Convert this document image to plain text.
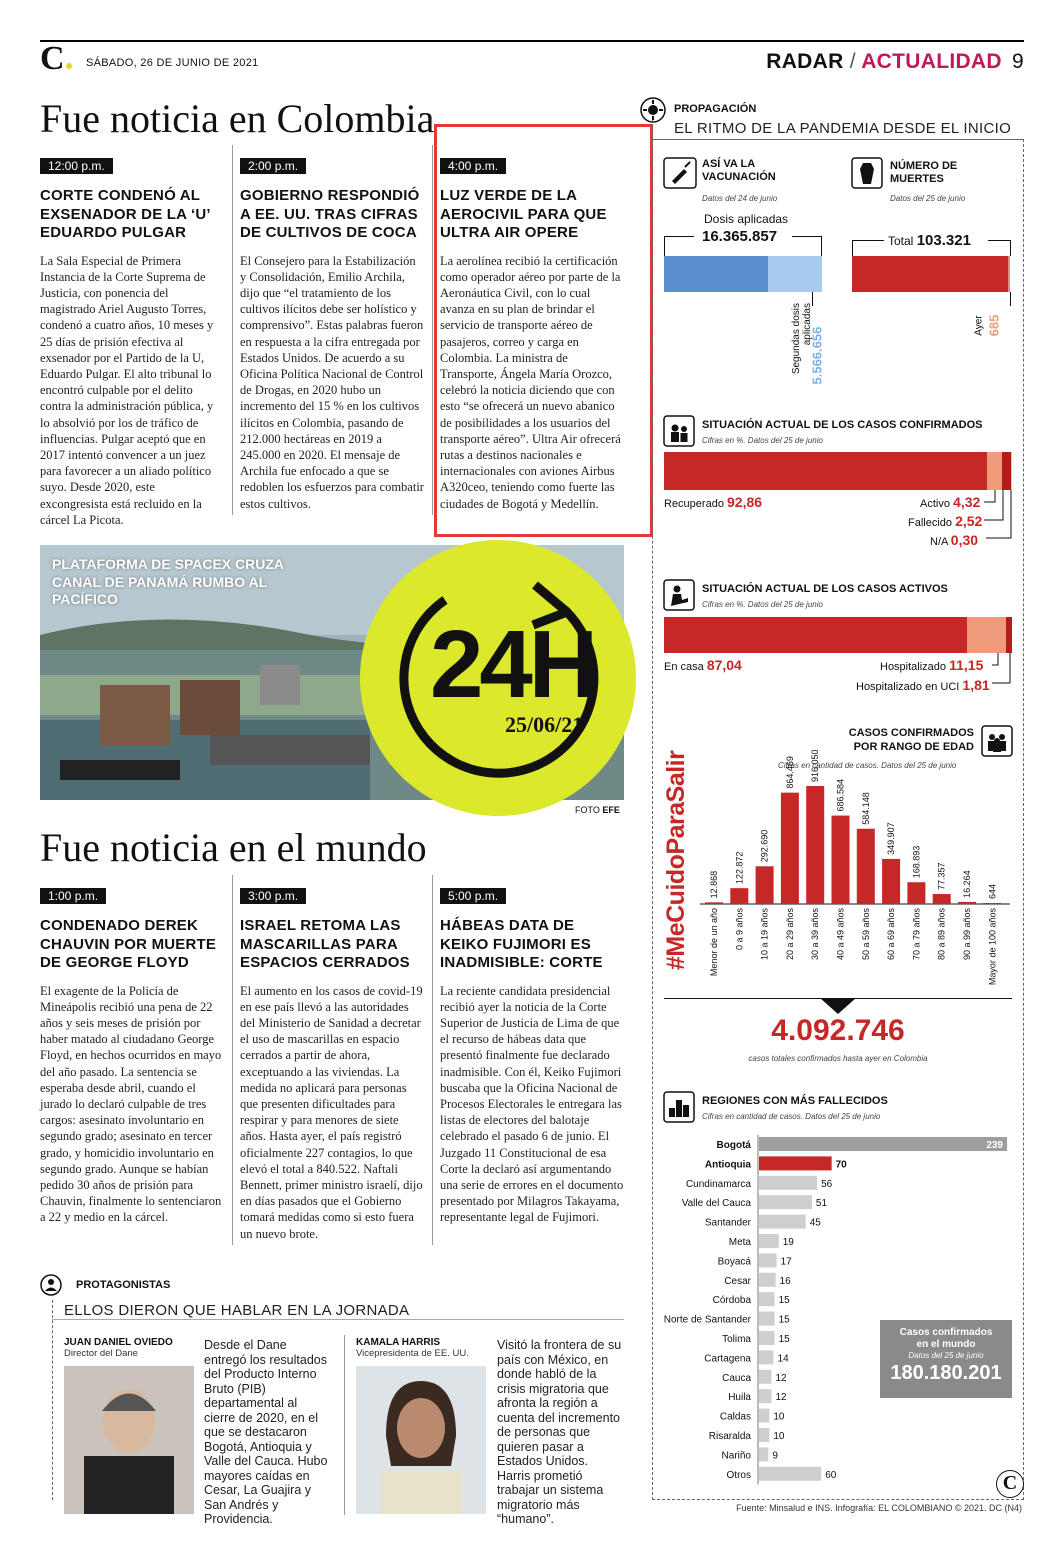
C	SÁBADO, 26 DE JUNIO DE 2021	RADAR / ACTUALIDAD 9
Fue noticia en Colombia
12:00 p.m.
CORTE CONDENÓ AL EXSENADOR DE LA ‘U’ EDUARDO PULGAR
La Sala Especial de Primera Instancia de la Corte Suprema de Justicia, con ponencia del magistrado Ariel Augusto Torres, condenó a cuatro años, 10 meses y 25 días de prisión efectiva al exsenador por el Partido de la U, Eduardo Pulgar. El alto tribunal lo encontró culpable por el delito contra la administración pública, y lo absolvió por los de tráfico de influencias. Pulgar aceptó que en 2017 intentó convencer a un juez para favorecer a un aliado político suyo. Desde 2020, este excongresista está recluido en la cárcel La Picota.
2:00 p.m.
GOBIERNO RESPONDIÓ A EE. UU. TRAS CIFRAS DE CULTIVOS DE COCA
El Consejero para la Estabilización y Consolidación, Emilio Archila, dijo que “el tratamiento de los cultivos ilícitos debe ser holístico y comprensivo”. Estas palabras fueron en respuesta a la cifra entregada por Estados Unidos. De acuerdo a su Oficina Política Nacional de Control de Drogas, en 2020 hubo un incremento del 15 % en los cultivos ilícitos en Colombia, pasando de 212.000 hectáreas en 2019 a 245.000 en 2020. El mensaje de Archila fue enfocado a que se redoblen los esfuerzos para combatir estos cultivos.
4:00 p.m.
LUZ VERDE DE LA AEROCIVIL PARA QUE ULTRA AIR OPERE
La aerolínea recibió la certificación como operador aéreo por parte de la Aeronáutica Civil, con lo cual avanza en su plan de brindar el servicio de transporte aéreo de pasajeros, correo y carga en Colombia. La ministra de Transporte, Ángela María Orozco, celebró la noticia diciendo que con esto “se ofrecerá un nuevo abanico de posibilidades a los usuarios del transporte aéreo”. Ultra Air ofrecerá rutas a destinos nacionales e internacionales con aviones Airbus A320ceo, teniendo como fuerte las ciudades de Bogotá y Medellín.
PLATAFORMA DE SPACEX CRUZA CANAL DE PANAMÁ RUMBO AL PACÍFICO
24H
25/06/21
FOTO EFE
Fue noticia en el mundo
1:00 p.m.
CONDENADO DEREK CHAUVIN POR MUERTE DE GEORGE FLOYD
El exagente de la Policía de Mineápolis recibió una pena de 22 años y seis meses de prisión por haber matado al ciudadano George Floyd, en hechos ocurridos en mayo del año pasado. La sentencia se esperaba desde abril, cuando el jurado lo declaró culpable de tres cargos: asesinato involuntario en segundo grado; asesinato en tercer grado, y homicidio involuntario en segundo grado. Aunque se habían pedido 30 años de prisión para Chauvin, finalmente lo sentenciaron a 22 y medio en la cárcel.
3:00 p.m.
ISRAEL RETOMA LAS MASCARILLAS PARA ESPACIOS CERRADOS
El aumento en los casos de covid-19 en ese país llevó a las autoridades del Ministerio de Sanidad a decretar el uso de mascarillas en espacio cerrados a partir de ahora, exceptuando a las viviendas. La medida no aplicará para personas que presenten dificultades para respirar y para menores de siete años. Hasta ayer, el país registró oficialmente 227 contagios, lo que elevó el total a 840.522. Naftali Bennett, primer ministro israelí, dijo en días pasados que el Gobierno tomará medidas como si esto fuera un nuevo brote.
5:00 p.m.
HÁBEAS DATA DE KEIKO FUJIMORI ES INADMISIBLE: CORTE
La reciente candidata presidencial recibió ayer la noticia de la Corte Superior de Justicia de Lima de que el recurso de hábeas data que presentó finalmente fue declarado inadmisible. Con él, Keiko Fujimori buscaba que la Oficina Nacional de Procesos Electorales le entregara las listas de electores del balotaje celebrado el pasado 6 de junio. El Juzgado 11 Constitucional de esa Corte la declaró así argumentando una serie de errores en el documento presentado por Milagros Takayama, representante legal de Fujimori.
PROTAGONISTAS
ELLOS DIERON QUE HABLAR EN LA JORNADA
JUAN DANIEL OVIEDO
Director del Dane
Desde el Dane entregó los resultados del Producto Interno Bruto (PIB) departamental al cierre de 2020, en el que se destacaron Bogotá, Antioquia y Valle del Cauca. Hubo mayores caídas en Cesar, La Guajira y San Andrés y Providencia.
KAMALA HARRIS
Vicepresidenta de EE. UU.
Visitó la frontera de su país con México, en donde habló de la crisis migratoria que afronta la región a cuenta del incremento de personas que quieren pasar a Estados Unidos. Harris prometió trabajar un sistema migratorio más “humano”.
PROPAGACIÓN
EL RITMO DE LA PANDEMIA DESDE EL INICIO
ASÍ VA LA VACUNACIÓN
Datos del 24 de junio
Dosis aplicadas
16.365.857
Segundas dosis aplicadas
5.566.656
NÚMERO DE MUERTES
Datos del 25 de junio
Total 103.321
Ayer 685
SITUACIÓN ACTUAL DE LOS CASOS CONFIRMADOS
Cifras en %. Datos del 25 de junio
Recuperado 92,86	Activo 4,32
Fallecido 2,52
N/A 0,30
SITUACIÓN ACTUAL DE LOS CASOS ACTIVOS
Cifras en %. Datos del 25 de junio
En casa 87,04	Hospitalizado 11,15
Hospitalizado en UCI 1,81
#MeCuidoParaSalir
CASOS CONFIRMADOS
POR RANGO DE EDAD
Cifras en cantidad de casos. Datos del 25 de junio
12.868
Menor de un año
122.872
0 a 9 años
292.690
10 a 19 años
864.469
20 a 29 años
916.050
30 a 39 años
686.584
40 a 49 años
584.148
50 a 59 años
349.907
60 a 69 años
168.893
70 a 79 años
77.357
80 a 89 años
16.264
90 a 99 años
644
Mayor de 100 años
4.092.746
casos totales confirmados hasta ayer en Colombia
REGIONES CON MÁS FALLECIDOS
Cifras en cantidad de casos. Datos del 25 de junio
Bogotá	239
Antioquia	70
Cundinamarca	56
Valle del Cauca	51
Santander	45
Meta	19
Boyacá	17
Cesar	16
Córdoba	15
Norte de Santander	15
Tolima	15
Cartagena	14
Cauca 12
Huila 12
Caldas 10
Risaralda 10
Nariño 9
Otros	60
Casos confirmados
en el mundo
Datos del 25 de junio
180.180.201
C
Fuente: Minsalud e INS. Infografía: EL COLOMBIANO © 2021. DC (N4)
